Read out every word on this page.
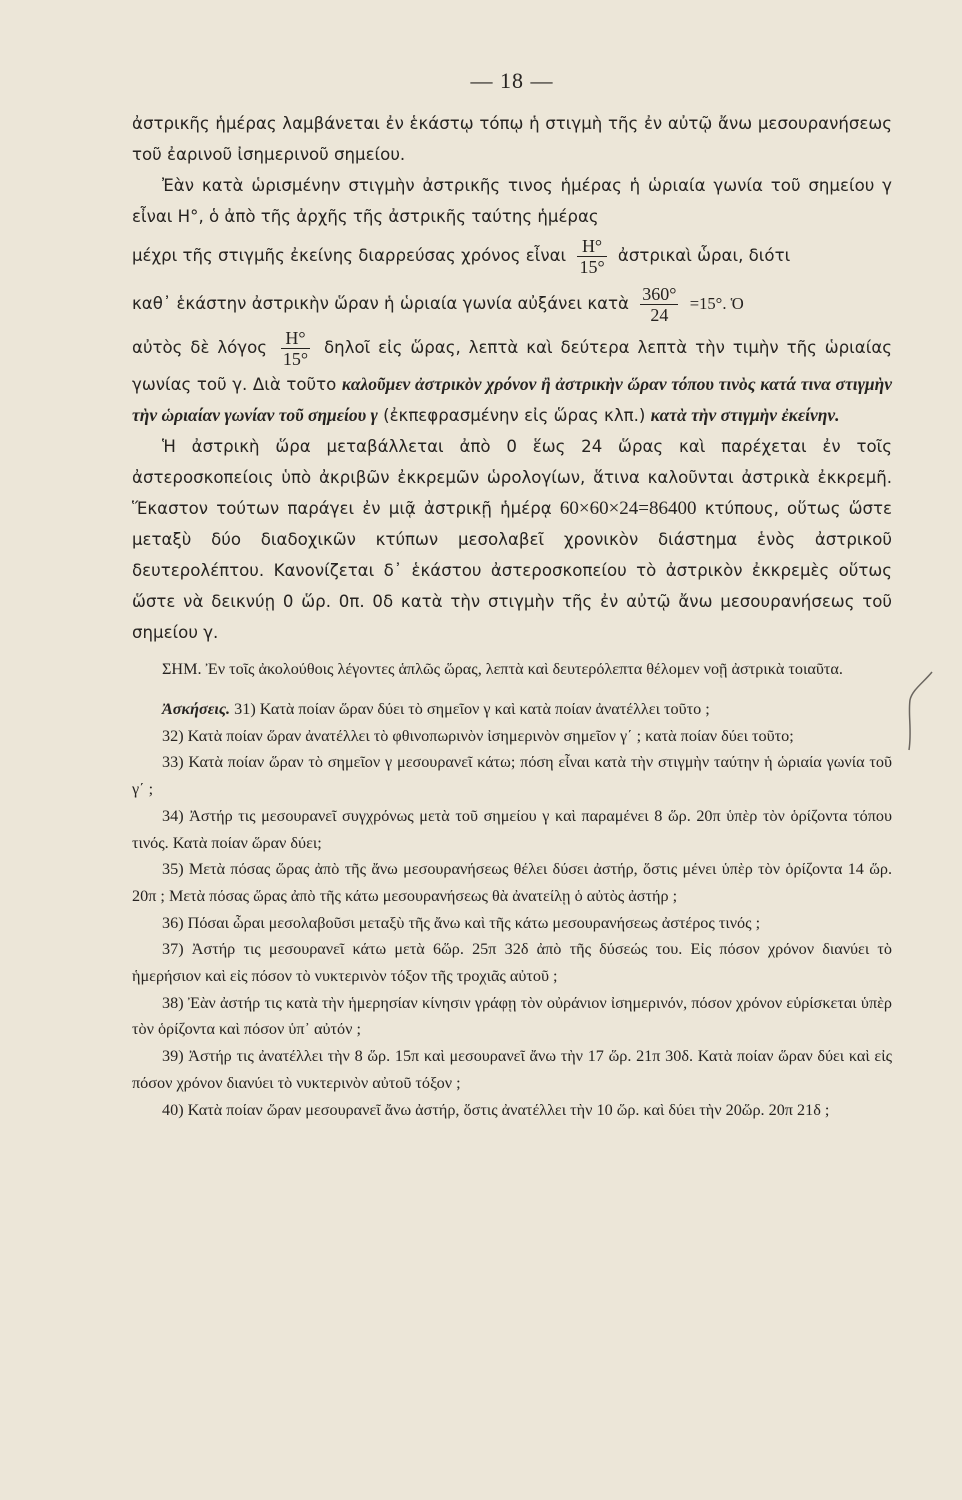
— 18 —

ἀστρικῆς ἡμέρας λαμβάνεται ἐν ἑκάστῳ τόπῳ ἡ στιγμὴ τῆς ἐν αὐτῷ ἄνω μεσουρανήσεως τοῦ ἐαρινοῦ ἰσημερινοῦ σημείου.

Ἐὰν κατὰ ὡρισμένην στιγμὴν ἀστρικῆς τινος ἡμέρας ἡ ὡριαία γωνία τοῦ σημείου γ εἶναι Η°, ὁ ἀπὸ τῆς ἀρχῆς τῆς ἀστρικῆς ταύτης ἡμέρας

μέχρι τῆς στιγμῆς ἐκείνης διαρρεύσας χρόνος εἶναι $\frac{H^\circ}{15^\circ}$ ἀστρικαὶ ὧραι, διότι

καθ᾽ ἑκάστην ἀστρικὴν ὥραν ἡ ὡριαία γωνία αὐξάνει κατὰ $\frac{360^\circ}{24} =15^\circ$. Ὁ

αὐτὸς δὲ λόγος $\frac{H^\circ}{15^\circ}$ δηλοῖ εἰς ὥρας, λεπτὰ καὶ δεύτερα λεπτὰ τὴν τιμὴν τῆς ὡριαίας γωνίας τοῦ γ. Διὰ τοῦτο καλοῦμεν ἀστρικὸν χρόνον ἢ ἀστρικὴν ὥραν τόπου τινὸς κατά τινα στιγμὴν τὴν ὡριαίαν γωνίαν τοῦ σημείου γ (ἐκπεφρασμένην εἰς ὥρας κλπ.) κατὰ τὴν στιγμὴν ἐκείνην.

Ἡ ἀστρικὴ ὥρα μεταβάλλεται ἀπὸ 0 ἕως 24 ὥρας καὶ παρέχεται ἐν τοῖς ἀστεροσκοπείοις ὑπὸ ἀκριβῶν ἐκκρεμῶν ὡρολογίων, ἅτινα καλοῦνται ἀστρικὰ ἐκκρεμῆ. Ἕκαστον τούτων παράγει ἐν μιᾷ ἀστρικῇ ἡμέρᾳ 60×60×24=86400 κτύπους, οὕτως ὥστε μεταξὺ δύο διαδοχικῶν κτύπων μεσολαβεῖ χρονικὸν διάστημα ἑνὸς ἀστρικοῦ δευτερολέπτου. Κανονίζεται δ᾽ ἑκάστου ἀστεροσκοπείου τὸ ἀστρικὸν ἐκκρεμὲς οὕτως ὥστε νὰ δεικνύῃ 0 ὥρ. 0π. 0δ κατὰ τὴν στιγμὴν τῆς ἐν αὐτῷ ἄνω μεσουρανήσεως τοῦ σημείου γ.

ΣΗΜ. Ἐν τοῖς ἀκολούθοις λέγοντες ἁπλῶς ὥρας, λεπτὰ καὶ δευτερόλεπτα θέλομεν νοῇ ἀστρικὰ τοιαῦτα.

Ἀσκήσεις. 31) Κατὰ ποίαν ὥραν δύει τὸ σημεῖον γ καὶ κατὰ ποίαν ἀνατέλλει τοῦτο ;

32) Κατὰ ποίαν ὥραν ἀνατέλλει τὸ φθινοπωρινὸν ἰσημερινὸν σημεῖον γ΄ ; κατὰ ποίαν δύει τοῦτο;

33) Κατὰ ποίαν ὥραν τὸ σημεῖον γ μεσουρανεῖ κάτω; πόση εἶναι κατὰ τὴν στιγμὴν ταύτην ἡ ὡριαία γωνία τοῦ γ΄ ;

34) Ἀστήρ τις μεσουρανεῖ συγχρόνως μετὰ τοῦ σημείου γ καὶ παραμένει 8 ὥρ. 20π ὑπὲρ τὸν ὁρίζοντα τόπου τινός. Κατὰ ποίαν ὥραν δύει;

35) Μετὰ πόσας ὥρας ἀπὸ τῆς ἄνω μεσουρανήσεως θέλει δύσει ἀστήρ, ὅστις μένει ὑπὲρ τὸν ὁρίζοντα 14 ὥρ. 20π ; Μετὰ πόσας ὥρας ἀπὸ τῆς κάτω μεσουρανήσεως θὰ ἀνατείλῃ ὁ αὐτὸς ἀστήρ ;

36) Πόσαι ὧραι μεσολαβοῦσι μεταξὺ τῆς ἄνω καὶ τῆς κάτω μεσουρανήσεως ἀστέρος τινός ;

37) Ἀστήρ τις μεσουρανεῖ κάτω μετὰ 6ὥρ. 25π 32δ ἀπὸ τῆς δύσεώς του. Εἰς πόσον χρόνον διανύει τὸ ἡμερήσιον καὶ εἰς πόσον τὸ νυκτερινὸν τόξον τῆς τροχιᾶς αὐτοῦ ;

38) Ἐὰν ἀστήρ τις κατὰ τὴν ἡμερησίαν κίνησιν γράφῃ τὸν οὐράνιον ἰσημερινόν, πόσον χρόνον εὑρίσκεται ὑπὲρ τὸν ὁρίζοντα καὶ πόσον ὑπ᾽ αὐτόν ;

39) Ἀστήρ τις ἀνατέλλει τὴν 8 ὥρ. 15π καὶ μεσουρανεῖ ἄνω τὴν 17 ὥρ. 21π 30δ. Κατὰ ποίαν ὥραν δύει καὶ εἰς πόσον χρόνον διανύει τὸ νυκτερινὸν αὐτοῦ τόξον ;

40) Κατὰ ποίαν ὥραν μεσουρανεῖ ἄνω ἀστήρ, ὅστις ἀνατέλλει τὴν 10 ὥρ. καὶ δύει τὴν 20ὥρ. 20π 21δ ;
